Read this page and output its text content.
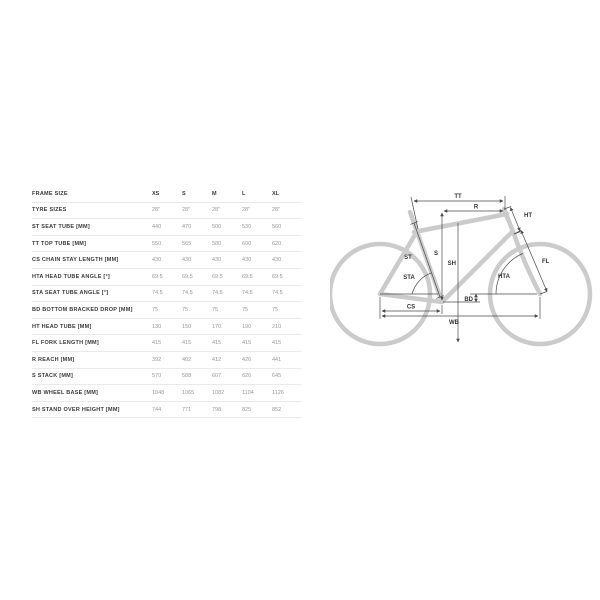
FRAME SIZE	XS	S	M	L	XL
TYRE SIZES	28"	28"	28"	28"	28"
ST SEAT TUBE [MM]	440	470	500	530	560
TT TOP TUBE [MM]	550	565	580	600	620
CS CHAIN STAY LENGTH [MM]	430	430	430	430	430
HTA HEAD TUBE ANGLE [°]	69.5	69.5	69.5	69.5	69.5
STA SEAT TUBE ANGLE [°]	74.5	74.5	74.5	74.5	74.5
BD BOTTOM BRACKED DROP [MM]	75	75	75	75	75
HT HEAD TUBE [MM]	130	150	170	190	210
FL FORK LENGTH [MM]	415	415	415	415	415
R REACH [MM]	392	402	412	426	441
S STACK [MM]	570	588	607	626	645
WB WHEEL BASE [MM]	1048	1065	1082	1104	1126
SH STAND OVER HEIGHT [MM]	744	771	798	825	852
TT
R
HT
ST
S
SH
STA	HTA
FL
BD
CS
WB
